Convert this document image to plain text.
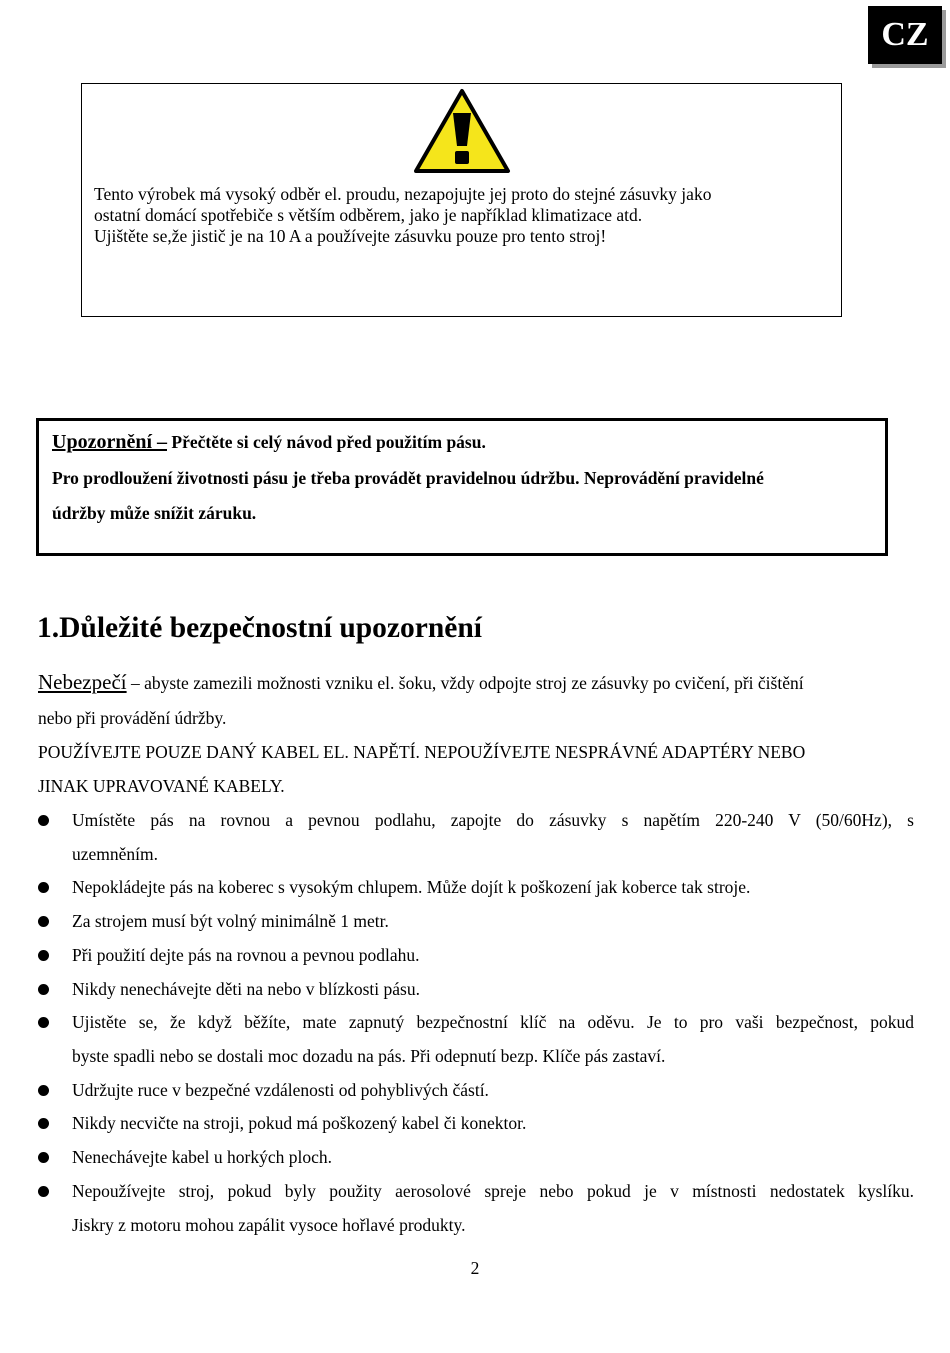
CZ
Tento výrobek má vysoký odběr el. proudu, nezapojujte jej proto do stejné zásuvky jako
ostatní domácí spotřebiče s větším odběrem, jako je například klimatizace atd.
Ujištěte se,že jistič je na 10 A a používejte zásuvku pouze pro tento stroj!
Upozornění – Přečtěte si celý návod před použitím pásu.
Pro prodloužení životnosti pásu je třeba provádět pravidelnou údržbu. Neprovádění pravidelné
údržby může snížit záruku.
1.Důležité bezpečnostní upozornění
Nebezpečí – abyste zamezili možnosti vzniku el. šoku, vždy odpojte stroj ze zásuvky po cvičení, při čištění
nebo při provádění údržby.
POUŽÍVEJTE POUZE DANÝ KABEL EL. NAPĚTÍ. NEPOUŽÍVEJTE NESPRÁVNÉ ADAPTÉRY NEBO
JINAK UPRAVOVANÉ KABELY.
Umístěte pás na rovnou a pevnou podlahu, zapojte do zásuvky s napětím 220-240 V (50/60Hz), s
uzemněním.
Nepokládejte pás na koberec s vysokým chlupem. Může dojít k poškození jak koberce tak stroje.
Za strojem musí být volný minimálně 1 metr.
Při použití dejte pás na rovnou a pevnou podlahu.
Nikdy nenechávejte děti na nebo v blízkosti pásu.
Ujistěte se, že když běžíte, mate zapnutý bezpečnostní klíč na oděvu. Je to pro vaši bezpečnost, pokud
byste spadli nebo se dostali moc dozadu na pás. Při odepnutí bezp. Klíče pás zastaví.
Udržujte ruce v bezpečné vzdálenosti od pohyblivých částí.
Nikdy necvičte na stroji, pokud má poškozený kabel či konektor.
Nenechávejte kabel u horkých ploch.
Nepoužívejte stroj, pokud byly použity aerosolové spreje nebo pokud je v místnosti nedostatek kyslíku.
Jiskry z motoru mohou zapálit vysoce hořlavé produkty.
2
